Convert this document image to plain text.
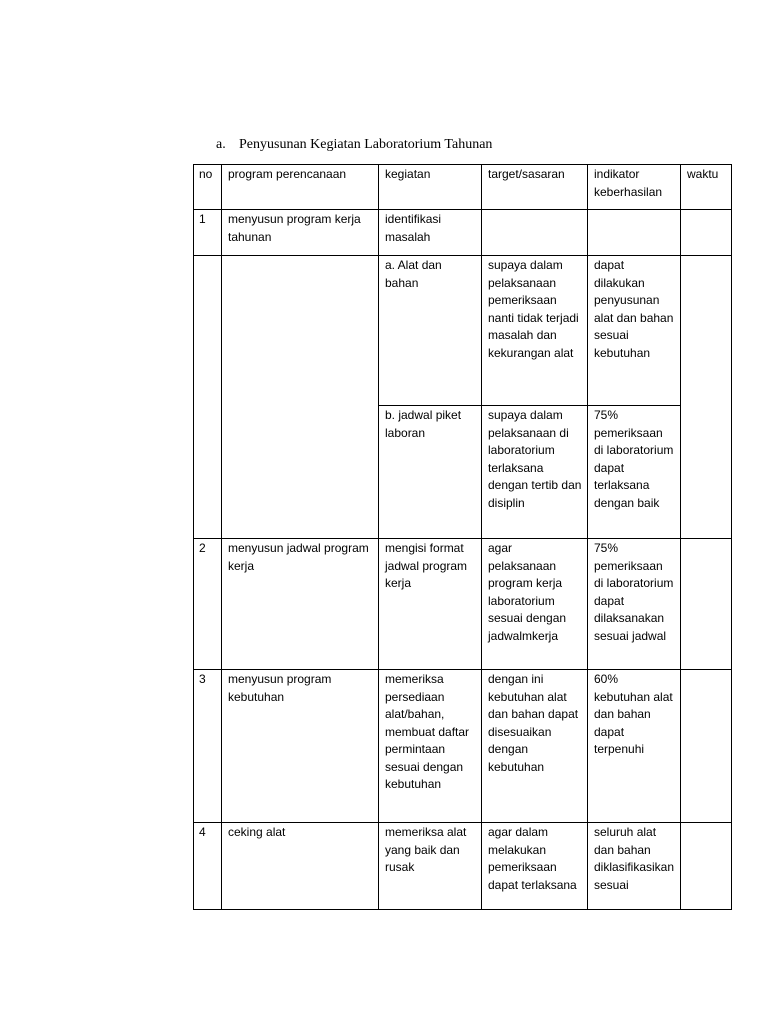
a. Penyusunan Kegiatan Laboratorium Tahunan
no	program perencanaan	kegiatan	target/sasaran	indikator keberhasilan	waktu
1	menyusun program kerja tahunan	identifikasi masalah			
		a. Alat dan bahan	supaya dalam pelaksanaan pemeriksaan nanti tidak terjadi masalah dan kekurangan alat	dapat dilakukan penyusunan alat dan bahan sesuai kebutuhan	
		b. jadwal piket laboran	supaya dalam pelaksanaan di laboratorium terlaksana dengan tertib dan disiplin	75% pemeriksaan di laboratorium dapat terlaksana dengan baik	
2	menyusun jadwal program kerja	mengisi format jadwal program kerja	agar pelaksanaan program kerja laboratorium sesuai dengan jadwalmkerja	75% pemeriksaan di laboratorium dapat dilaksanakan sesuai jadwal	
3	menyusun program kebutuhan	memeriksa persediaan alat/bahan, membuat daftar permintaan sesuai dengan kebutuhan	dengan ini kebutuhan alat dan bahan dapat disesuaikan dengan kebutuhan	60% kebutuhan alat dan bahan dapat terpenuhi	
4	ceking alat	memeriksa alat yang baik dan rusak	agar dalam melakukan pemeriksaan dapat terlaksana	seluruh alat dan bahan diklasifikasikan sesuai	
